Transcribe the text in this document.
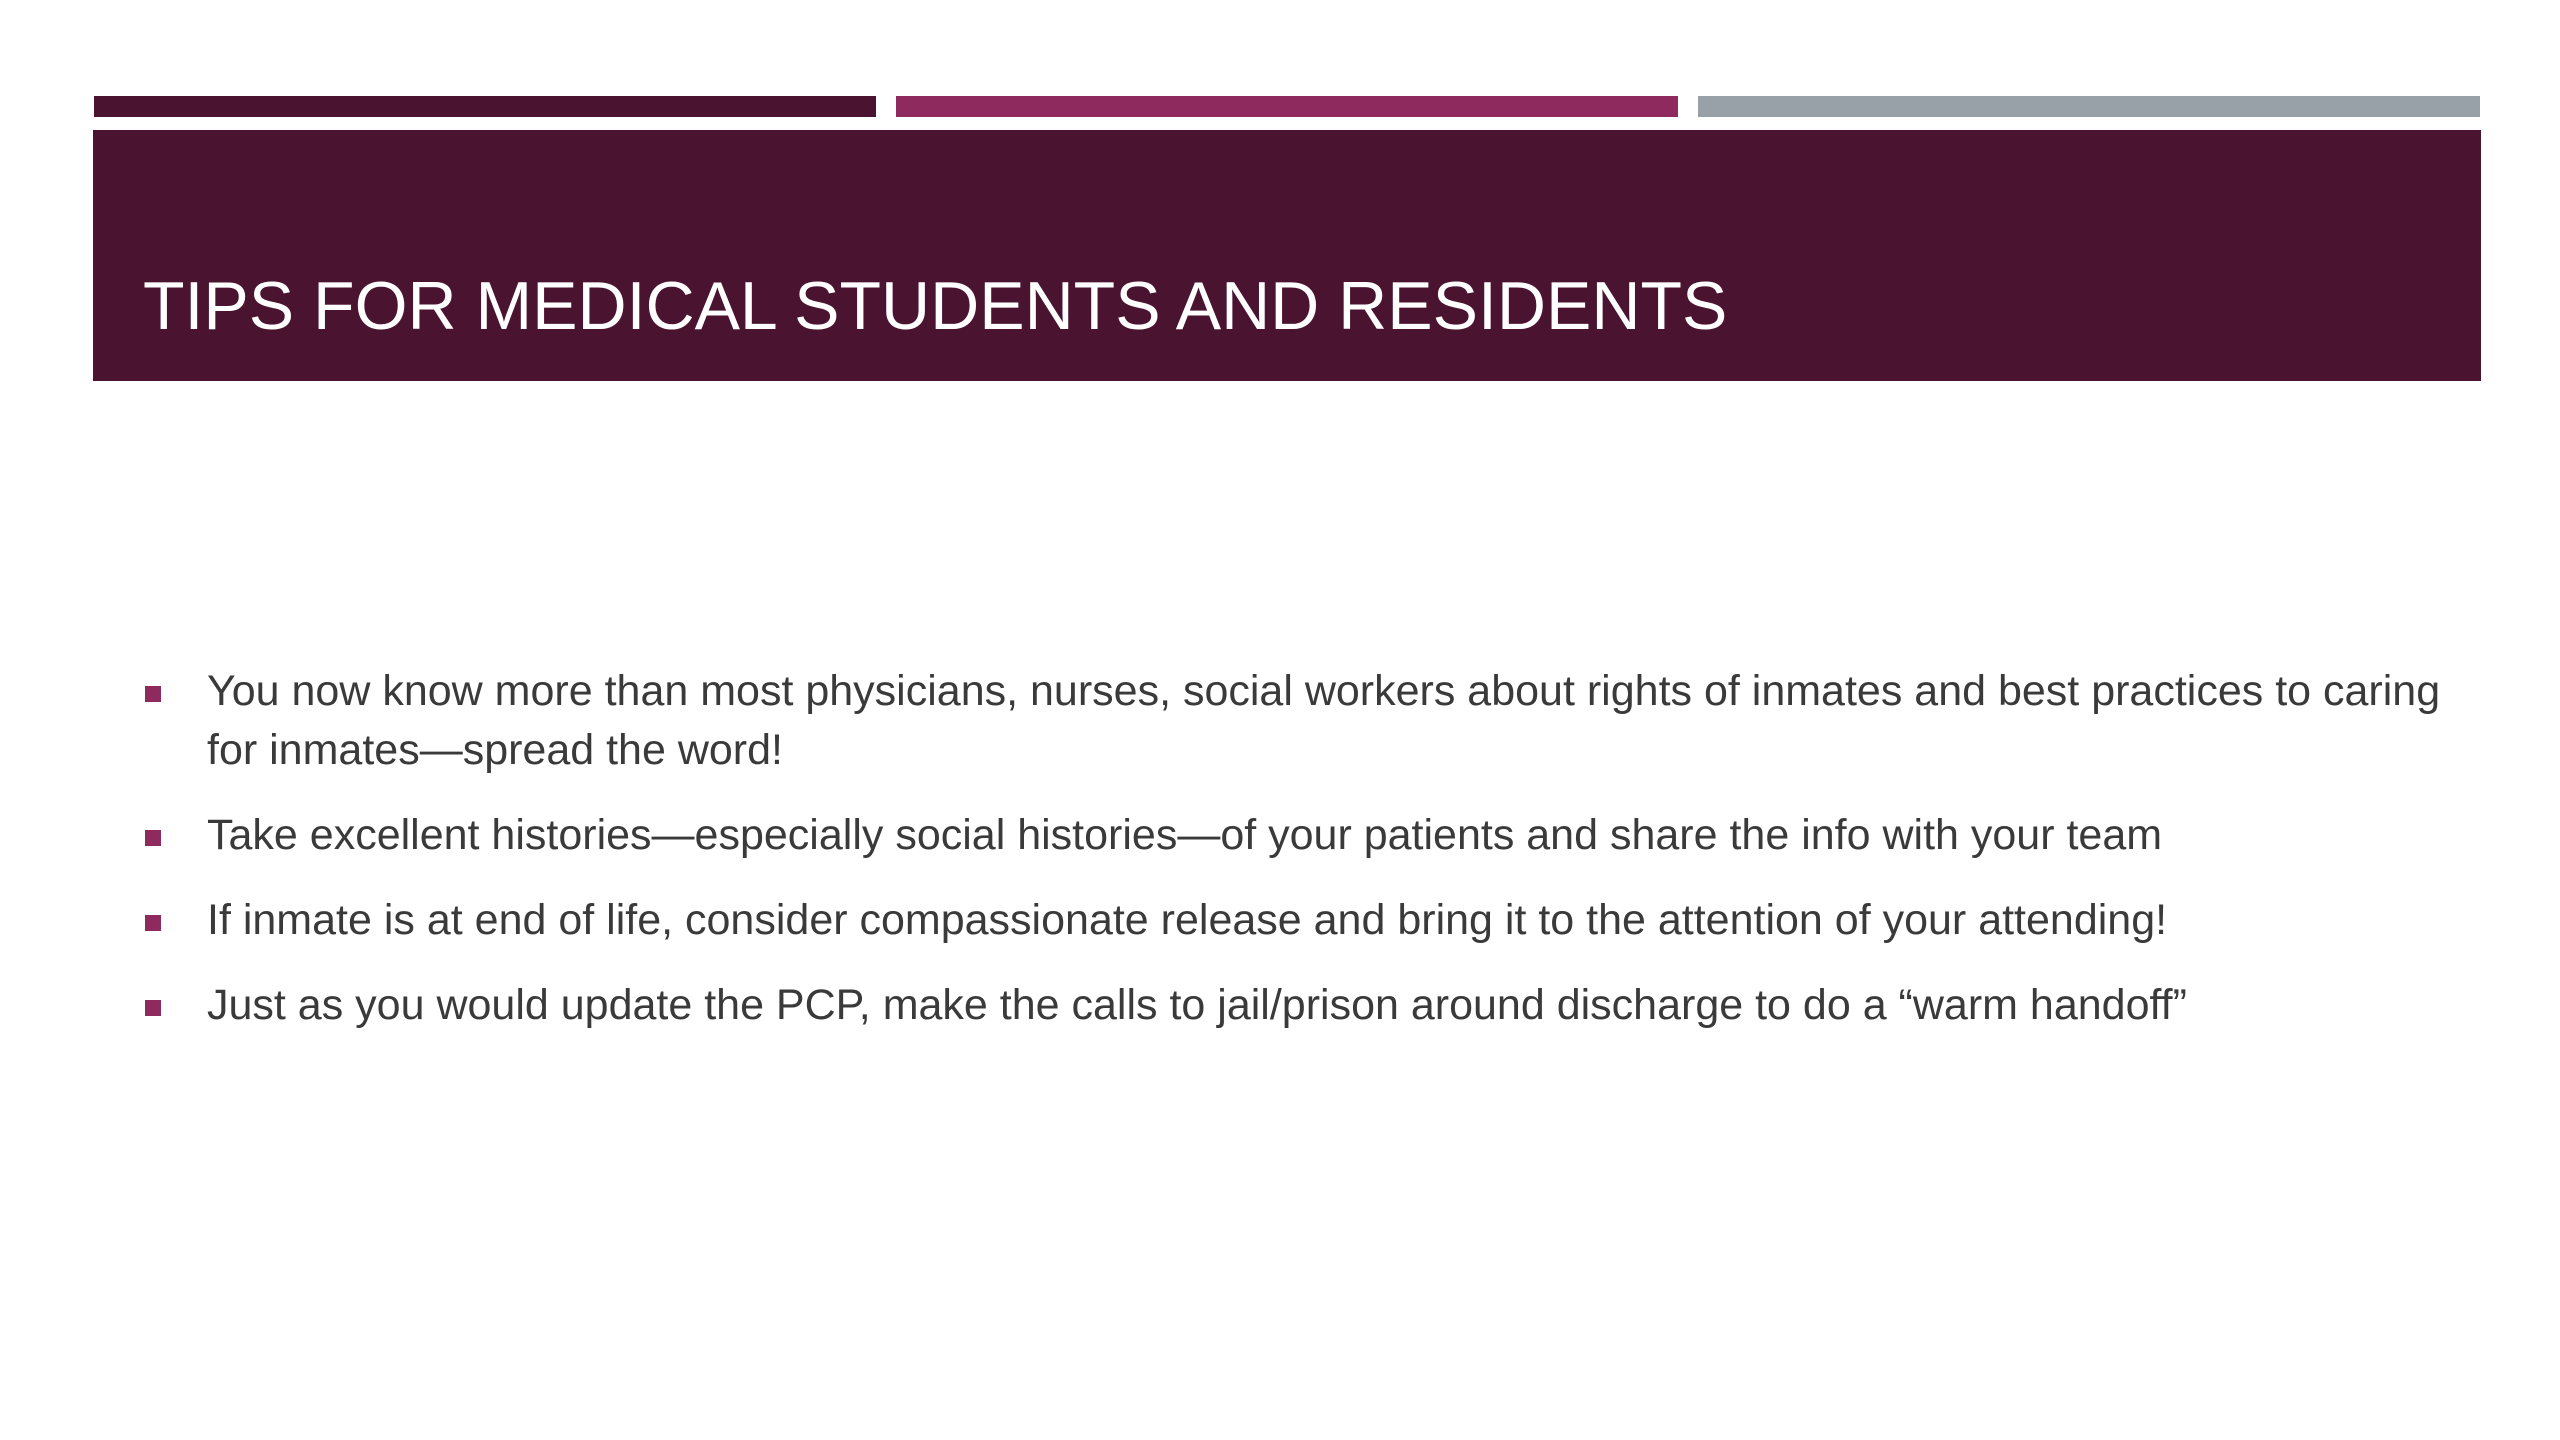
TIPS FOR MEDICAL STUDENTS AND RESIDENTS
You now know more than most physicians, nurses, social workers about rights of inmates and best practices to caring for inmates—spread the word!
Take excellent histories—especially social histories—of your patients and share the info with your team
If inmate is at end of life, consider compassionate release and bring it to the attention of your attending!
Just as you would update the PCP, make the calls to jail/prison around discharge to do a “warm handoff”
